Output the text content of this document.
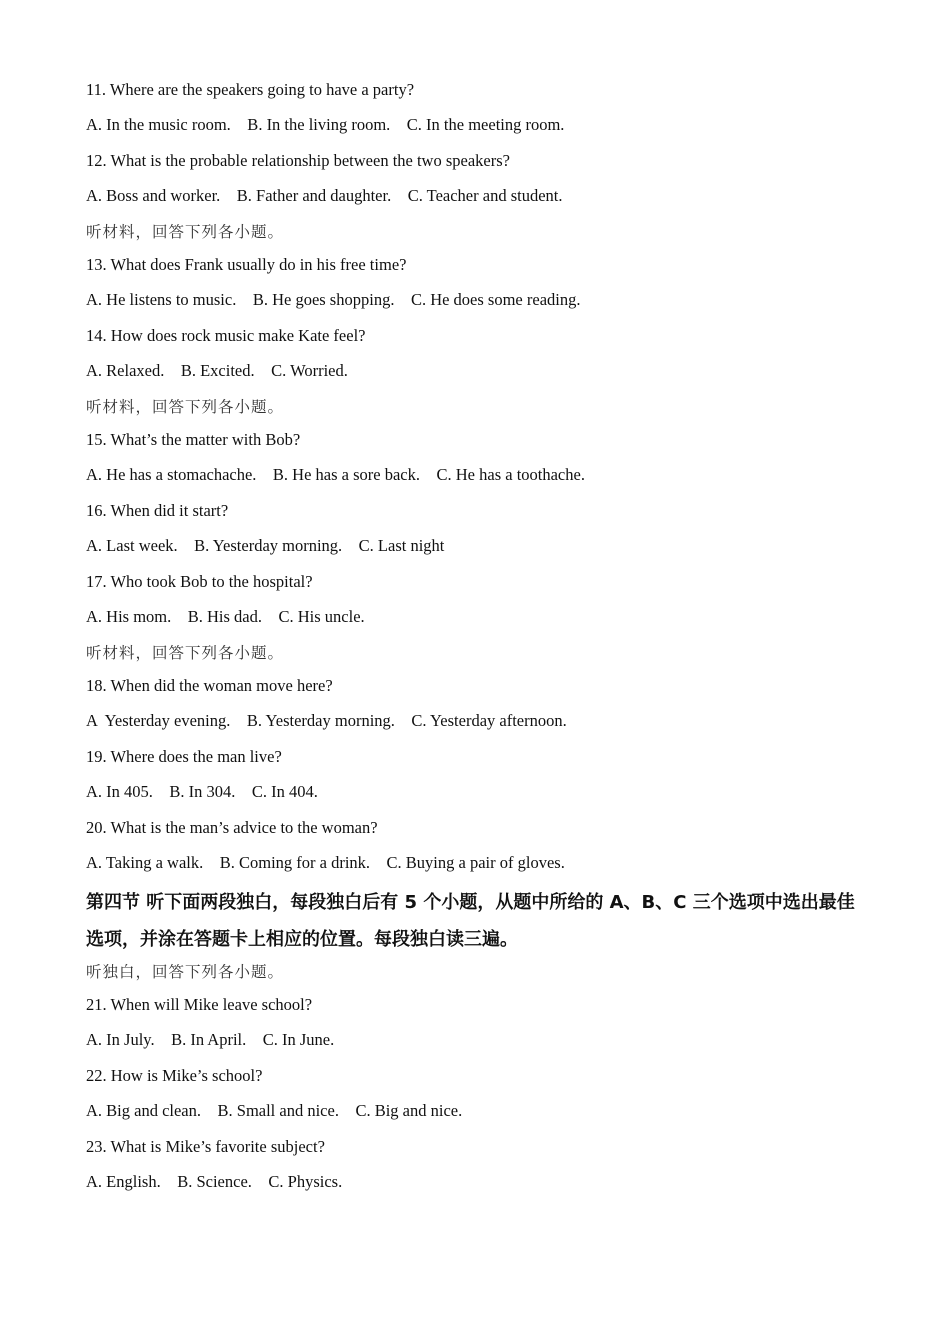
11. Where are the speakers going to have a party?
A. In the music room.    B. In the living room.    C. In the meeting room.
12. What is the probable relationship between the two speakers?
A. Boss and worker.    B. Father and daughter.    C. Teacher and student.
听材料，回答下列各小题。
13. What does Frank usually do in his free time?
A. He listens to music.    B. He goes shopping.    C. He does some reading.
14. How does rock music make Kate feel?
A. Relaxed.    B. Excited.    C. Worried.
听材料，回答下列各小题。
15. What’s the matter with Bob?
A. He has a stomachache.    B. He has a sore back.    C. He has a toothache.
16. When did it start?
A. Last week.    B. Yesterday morning.    C. Last night
17. Who took Bob to the hospital?
A. His mom.    B. His dad.    C. His uncle.
听材料，回答下列各小题。
18. When did the woman move here?
A  Yesterday evening.    B. Yesterday morning.    C. Yesterday afternoon.
19. Where does the man live?
A. In 405.    B. In 304.    C. In 404.
20. What is the man’s advice to the woman?
A. Taking a walk.    B. Coming for a drink.    C. Buying a pair of gloves.
第四节 听下面两段独白，每段独白后有 5 个小题，从题中所给的 A、B、C 三个选项中选出最佳选项，并涂在答题卡上相应的位置。每段独白读三遍。
听独白，回答下列各小题。
21. When will Mike leave school?
A. In July.    B. In April.    C. In June.
22. How is Mike’s school?
A. Big and clean.    B. Small and nice.    C. Big and nice.
23. What is Mike’s favorite subject?
A. English.    B. Science.    C. Physics.
